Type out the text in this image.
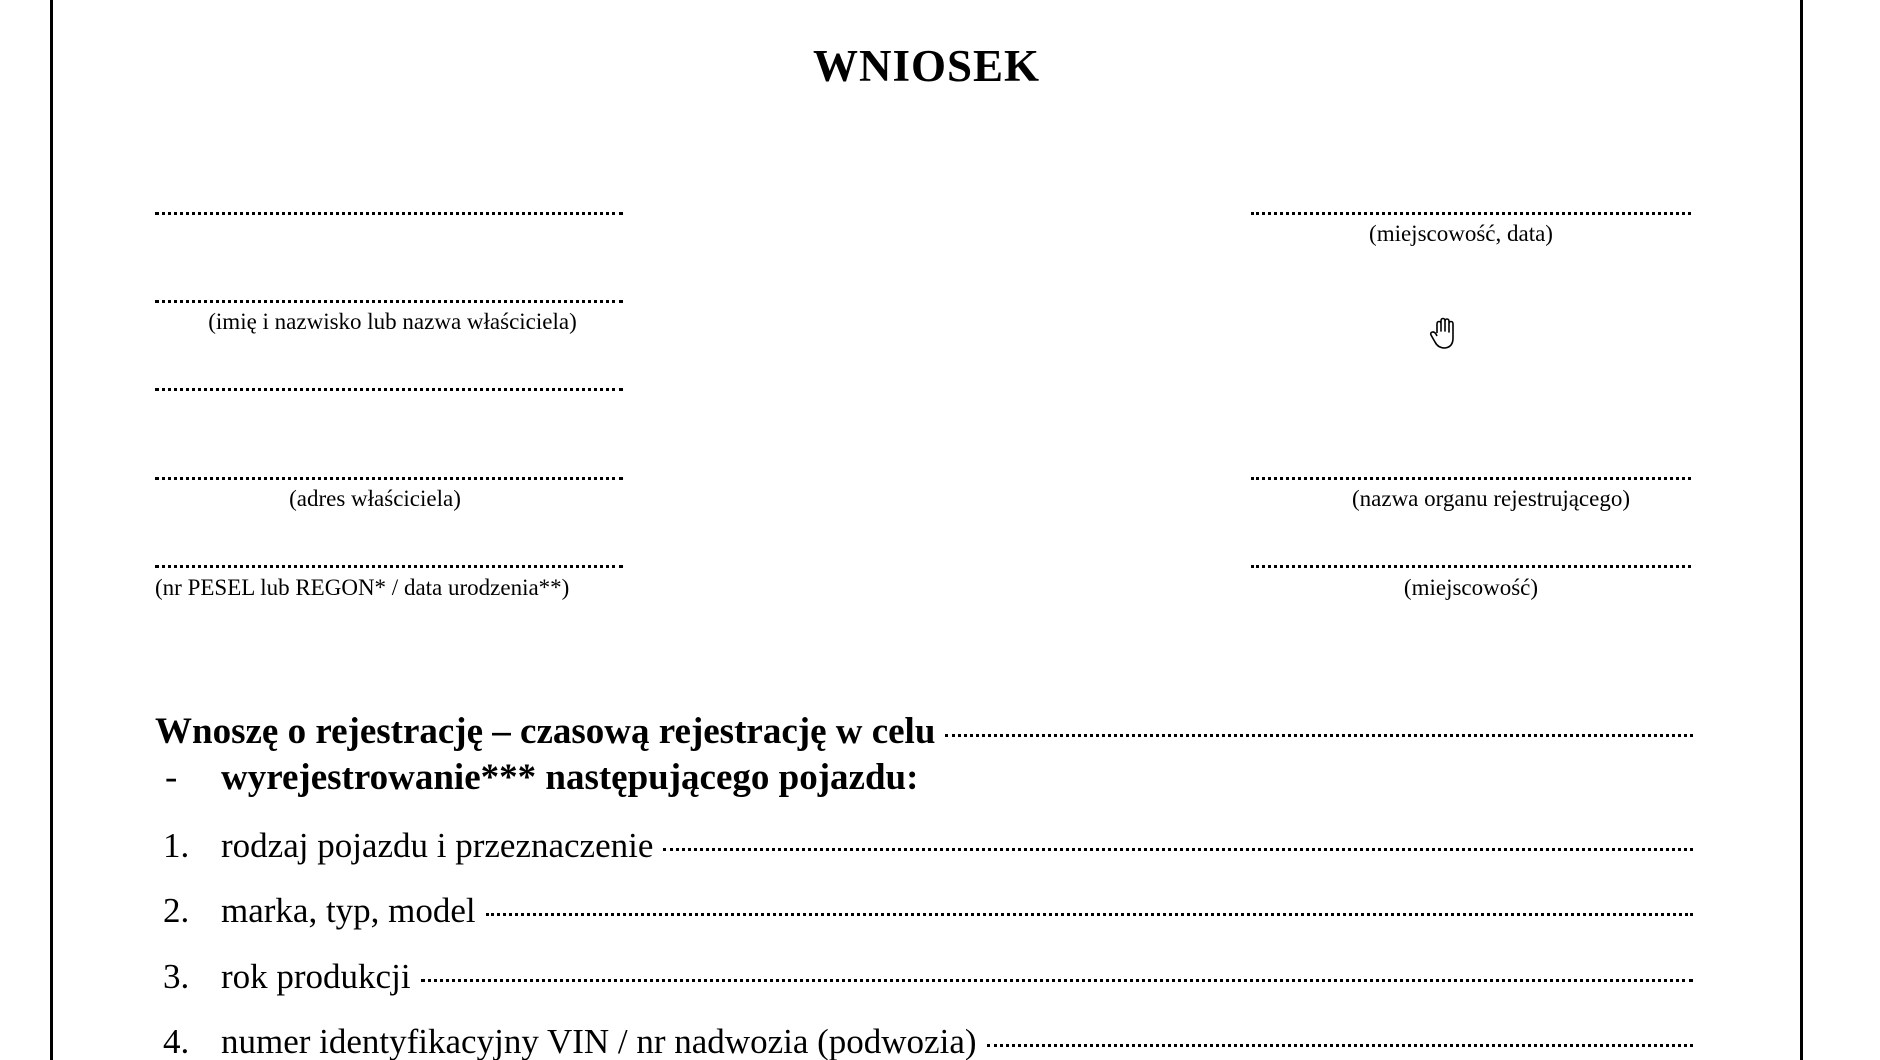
WNIOSEK
(imię i nazwisko lub nazwa właściciela)
(adres właściciela)
(nr PESEL lub REGON* / data urodzenia**)
(miejscowość, data)
(nazwa organu rejestrującego)
(miejscowość)
Wnoszę o rejestrację – czasową rejestrację w celu
- wyrejestrowanie*** następującego pojazdu:
1. rodzaj pojazdu i przeznaczenie
2. marka, typ, model
3. rok produkcji
4. numer identyfikacyjny VIN / nr nadwozia (podwozia)
